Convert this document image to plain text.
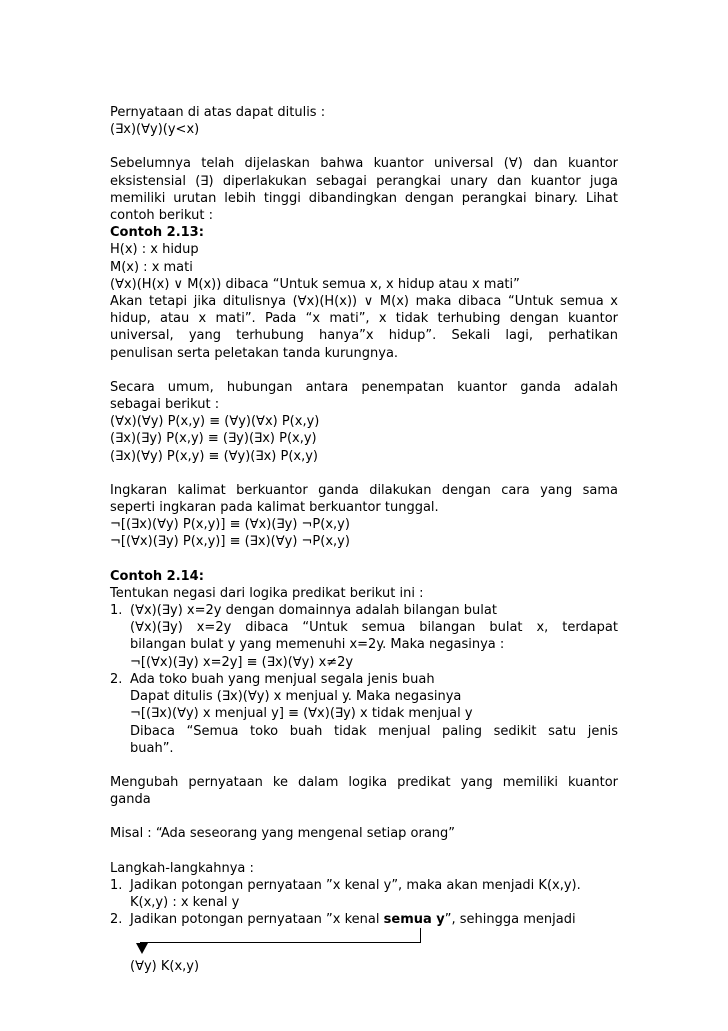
Pernyataan di atas dapat ditulis :

(∃x)(∀y)(y<x)

Sebelumnya telah dijelaskan bahwa kuantor universal (∀) dan kuantor

eksistensial (∃) diperlakukan sebagai perangkai unary dan kuantor juga

memiliki urutan lebih tinggi dibandingkan dengan perangkai binary. Lihat

contoh berikut :

Contoh 2.13:

H(x) : x hidup

M(x) : x mati

(∀x)(H(x) ∨ M(x)) dibaca “Untuk semua x, x hidup atau x mati”

Akan tetapi jika ditulisnya (∀x)(H(x)) ∨ M(x) maka dibaca “Untuk semua x

hidup, atau x mati”. Pada “x mati”, x tidak terhubing dengan kuantor

universal, yang terhubung hanya”x hidup”. Sekali lagi, perhatikan

penulisan serta peletakan tanda kurungnya.

Secara umum, hubungan antara penempatan kuantor ganda adalah

sebagai berikut :

(∀x)(∀y) P(x,y) ≡ (∀y)(∀x) P(x,y)

(∃x)(∃y) P(x,y) ≡ (∃y)(∃x) P(x,y)

(∃x)(∀y) P(x,y) ≡ (∀y)(∃x) P(x,y)

Ingkaran kalimat berkuantor ganda dilakukan dengan cara yang sama

seperti ingkaran pada kalimat berkuantor tunggal.

¬[(∃x)(∀y) P(x,y)] ≡ (∀x)(∃y) ¬P(x,y)

¬[(∀x)(∃y) P(x,y)] ≡ (∃x)(∀y) ¬P(x,y)

Contoh 2.14:

Tentukan negasi dari logika predikat berikut ini :

1. (∀x)(∃y) x=2y dengan domainnya adalah bilangan bulat

(∀x)(∃y) x=2y dibaca “Untuk semua bilangan bulat x, terdapat

bilangan bulat y yang memenuhi x=2y. Maka negasinya :

¬[(∀x)(∃y) x=2y] ≡ (∃x)(∀y) x≠2y

2. Ada toko buah yang menjual segala jenis buah

Dapat ditulis (∃x)(∀y) x menjual y. Maka negasinya

¬[(∃x)(∀y) x menjual y] ≡ (∀x)(∃y) x tidak menjual y

Dibaca “Semua toko buah tidak menjual paling sedikit satu jenis

buah”.

Mengubah pernyataan ke dalam logika predikat yang memiliki kuantor

ganda

Misal : “Ada seseorang yang mengenal setiap orang”

Langkah-langkahnya :

1. Jadikan potongan pernyataan ”x kenal y”, maka akan menjadi K(x,y).

K(x,y) : x kenal y

2. Jadikan potongan pernyataan ”x kenal semua y”, sehingga menjadi

(∀y) K(x,y)
